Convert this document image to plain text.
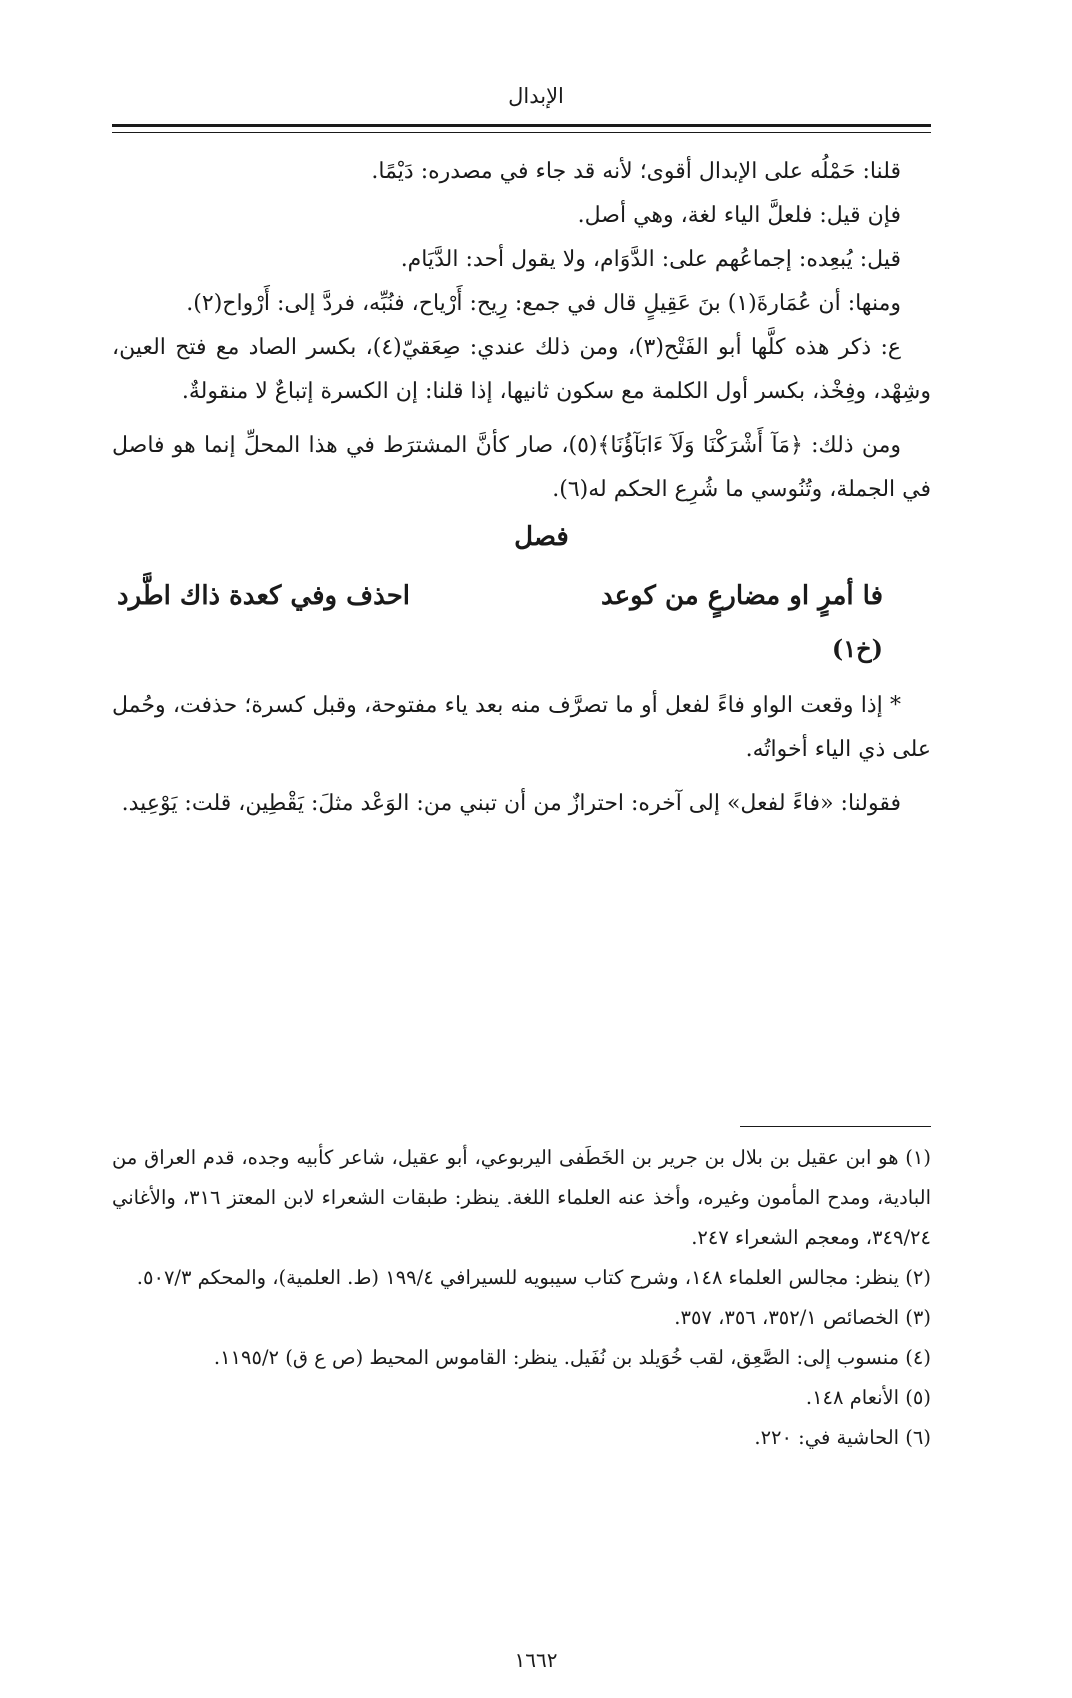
الإبدال

قلنا: حَمْلُه على الإبدال أقوى؛ لأنه قد جاء في مصدره: دَيْمًا.

فإن قيل: فلعلَّ الياء لغة، وهي أصل.

قيل: يُبعِده: إجماعُهم على: الدَّوَام، ولا يقول أحد: الدَّيَام.

ومنها: أن عُمَارةَ(١) بنَ عَقِيلٍ قال في جمع: رِيح: أَرْياح، فنُبِّه، فردَّ إلى: أَرْواح(٢).

ع: ذكر هذه كلَّها أبو الفَتْح(٣)، ومن ذلك عندي: صِعَقيّ(٤)، بكسر الصاد مع فتح العين، وشِهْد، وفِخْذ، بكسر أول الكلمة مع سكون ثانيها، إذا قلنا: إن الكسرة إتباعٌ لا منقولةٌ.

ومن ذلك: ﴿مَآ أَشْرَكْنَا وَلَآ ءَابَآؤُنَا﴾(٥)، صار كأنَّ المشترَط في هذا المحلِّ إنما هو فاصل في الجملة، وتُنُوسي ما شُرِع الحكم له(٦).

فصل
فا أمرٍ او مضارعٍ من كوعد
احذف وفي كعدة ذاك اطَّرد
(خ١)

* إذا وقعت الواو فاءً لفعل أو ما تصرَّف منه بعد ياء مفتوحة، وقبل كسرة؛ حذفت، وحُمل على ذي الياء أخواتُه.

فقولنا: «فاءً لفعل» إلى آخره: احترازٌ من أن تبني من: الوَعْد مثلَ: يَقْطِين، قلت: يَوْعِيد.

(١) هو ابن عقيل بن بلال بن جرير بن الخَطَفى اليربوعي، أبو عقيل، شاعر كأبيه وجده، قدم العراق من البادية، ومدح المأمون وغيره، وأخذ عنه العلماء اللغة. ينظر: طبقات الشعراء لابن المعتز ٣١٦، والأغاني ٣٤٩/٢٤، ومعجم الشعراء ٢٤٧.

(٢) ينظر: مجالس العلماء ١٤٨، وشرح كتاب سيبويه للسيرافي ١٩٩/٤ (ط. العلمية)، والمحكم ٥٠٧/٣.

(٣) الخصائص ٣٥٢/١، ٣٥٦، ٣٥٧.

(٤) منسوب إلى: الصَّعِق، لقب خُوَيلد بن نُفَيل. ينظر: القاموس المحيط (ص ع ق) ١١٩٥/٢.

(٥) الأنعام ١٤٨.

(٦) الحاشية في: ٢٢٠.

١٦٦٢
